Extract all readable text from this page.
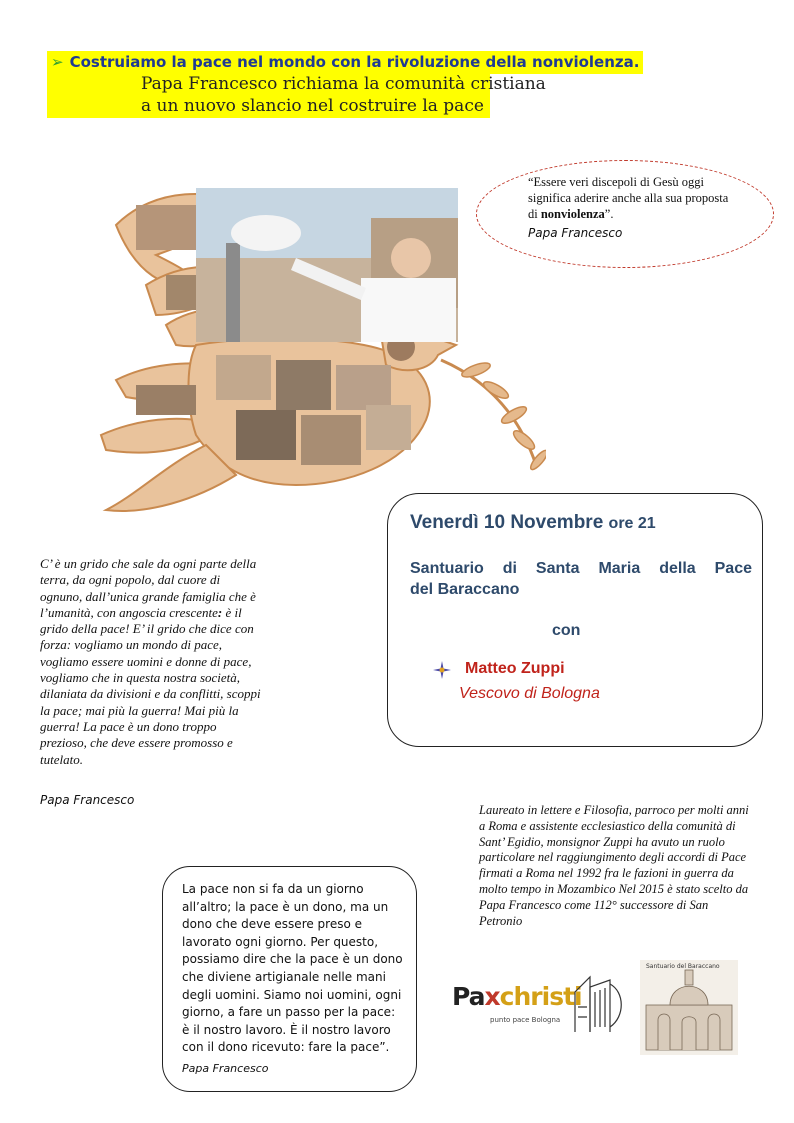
➢ Costruiamo la pace nel mondo con la rivoluzione della nonviolenza.
Papa Francesco richiama la comunità cristiana
a un nuovo slancio nel costruire la pace
“Essere veri discepoli di Gesù oggi significa aderire anche alla sua proposta di nonviolenza”.
Papa Francesco
Venerdì 10 Novembre ore 21
Santuario di Santa Maria della Pace
del Baraccano
con
Matteo Zuppi
Vescovo di Bologna
C’ è un grido che sale da ogni parte della terra, da ogni popolo, dal cuore di ognuno, dall’unica grande famiglia che è l’umanità, con angoscia crescente: è il grido della pace! E’ il grido che dice con forza: vogliamo un mondo di pace, vogliamo essere uomini e donne di pace, vogliamo che in questa nostra società, dilaniata da divisioni e da conflitti, scoppi la pace; mai più la guerra! Mai più la guerra! La pace è un dono troppo prezioso, che deve essere promosso e tutelato.
Papa Francesco
Laureato in lettere e Filosofia, parroco per molti anni a Roma e assistente ecclesiastico della comunità di Sant’ Egidio, monsignor Zuppi ha avuto un ruolo particolare nel raggiungimento degli accordi di Pace firmati a Roma nel 1992 fra le fazioni in guerra da molto tempo in Mozambico Nel 2015 è stato scelto da Papa Francesco come 112° successore di San Petronio
La pace non si fa da un giorno all’altro; la pace è un dono, ma un dono che deve essere preso e lavorato ogni giorno. Per questo, possiamo dire che la pace è un dono che diviene artigianale nelle mani degli uomini. Siamo noi uomini, ogni giorno, a fare un passo per la pace: è il nostro lavoro. È il nostro lavoro con il dono ricevuto: fare la pace”.
Papa Francesco
Paxchristi
punto pace Bologna
Santuario del Baraccano
